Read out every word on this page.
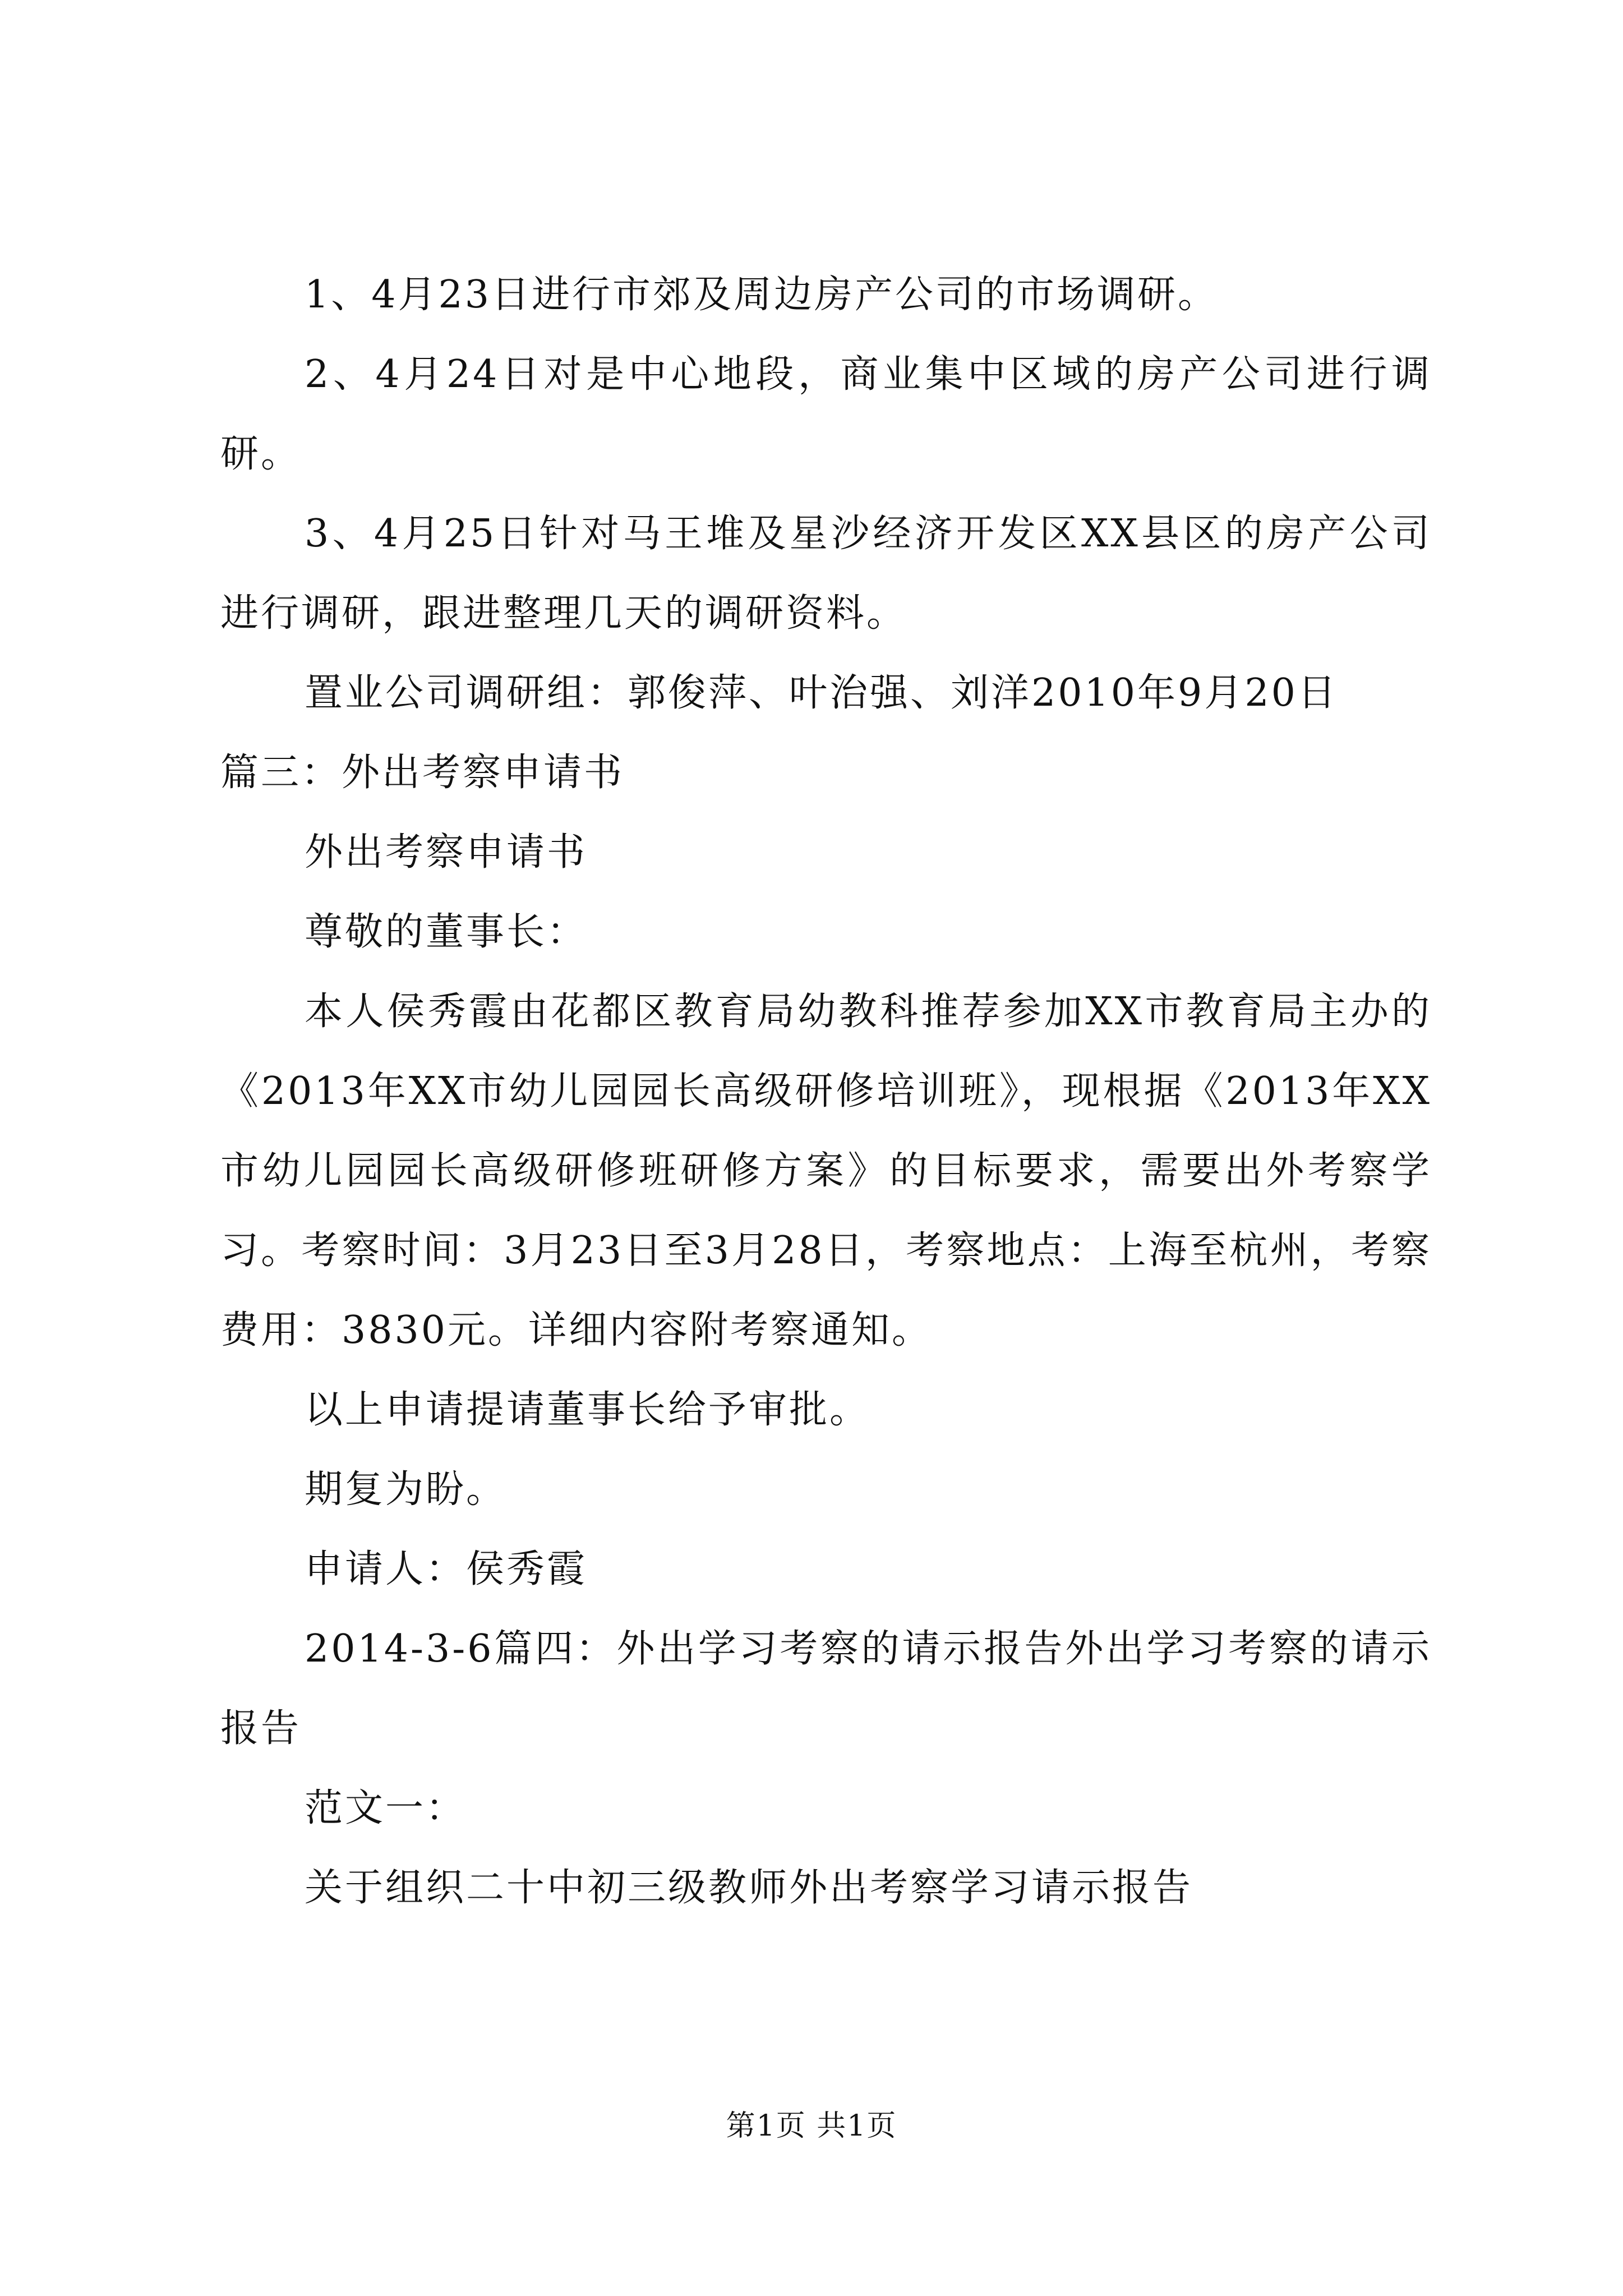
1、4月23日进行市郊及周边房产公司的市场调研。

2、4月24日对是中心地段，商业集中区域的房产公司进行调研。

3、4月25日针对马王堆及星沙经济开发区XX县区的房产公司进行调研，跟进整理几天的调研资料。

置业公司调研组：郭俊萍、叶治强、刘洋2010年9月20日

篇三：外出考察申请书

外出考察申请书

尊敬的董事长：

本人侯秀霞由花都区教育局幼教科推荐参加XX市教育局主办的《2013年XX市幼儿园园长高级研修培训班》，现根据《2013年XX市幼儿园园长高级研修班研修方案》的目标要求，需要出外考察学习。考察时间：3月23日至3月28日，考察地点：上海至杭州，考察费用：3830元。详细内容附考察通知。

以上申请提请董事长给予审批。

期复为盼。

申请人：侯秀霞

2014-3-6篇四：外出学习考察的请示报告外出学习考察的请示报告

范文一：

关于组织二十中初三级教师外出考察学习请示报告

第1页 共1页
